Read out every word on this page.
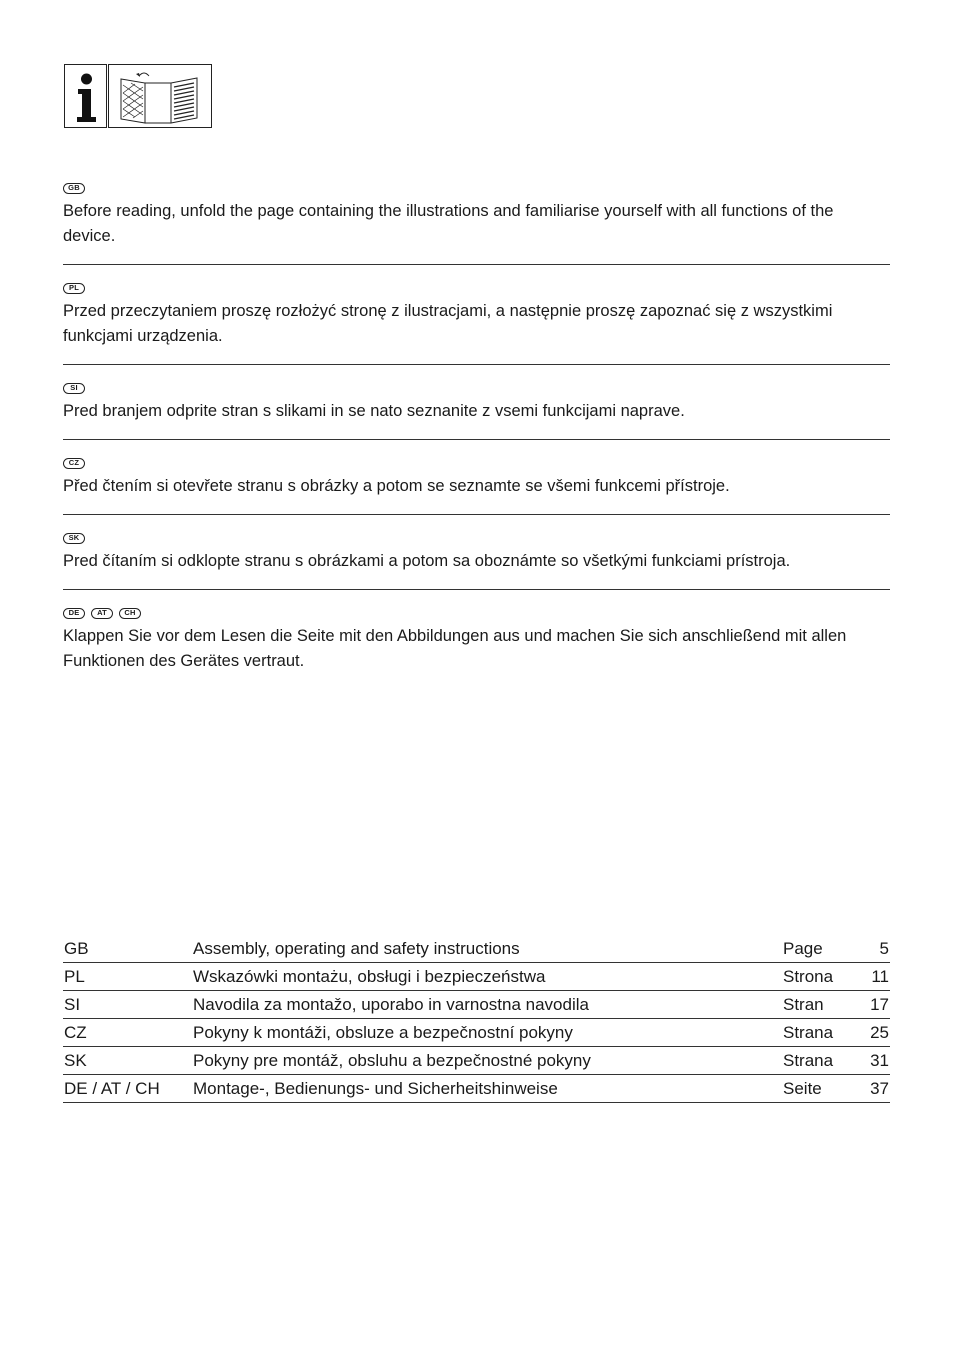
GB
Before reading, unfold the page containing the illustrations and familiarise yourself with all functions of the device.
PL
Przed przeczytaniem proszę rozłożyć stronę z ilustracjami, a następnie proszę zapoznać się z wszystkimi funkcjami urządzenia.
SI
Pred branjem odprite stran s slikami in se nato seznanite z vsemi funkcijami naprave.
CZ
Před čtením si otevřete stranu s obrázky a potom se seznamte se všemi funkcemi přístroje.
SK
Pred čítaním si odklopte stranu s obrázkami a potom sa oboznámte so všetkými funkciami prístroja.
DE	AT	CH
Klappen Sie vor dem Lesen die Seite mit den Abbildungen aus und machen Sie sich anschließend mit allen Funktionen des Gerätes vertraut.
GB	Assembly, operating and safety instructions	Page	5
PL	Wskazówki montażu, obsługi i bezpieczeństwa	Strona 11
SI	Navodila za montažo, uporabo in varnostna navodila	Stran	17
CZ	Pokyny k montáži, obsluze a bezpečnostní pokyny	Strana 25
SK	Pokyny pre montáž, obsluhu a bezpečnostné pokyny	Strana 31
DE / AT / CH Montage-, Bedienungs- und Sicherheitshinweise	Seite	37
